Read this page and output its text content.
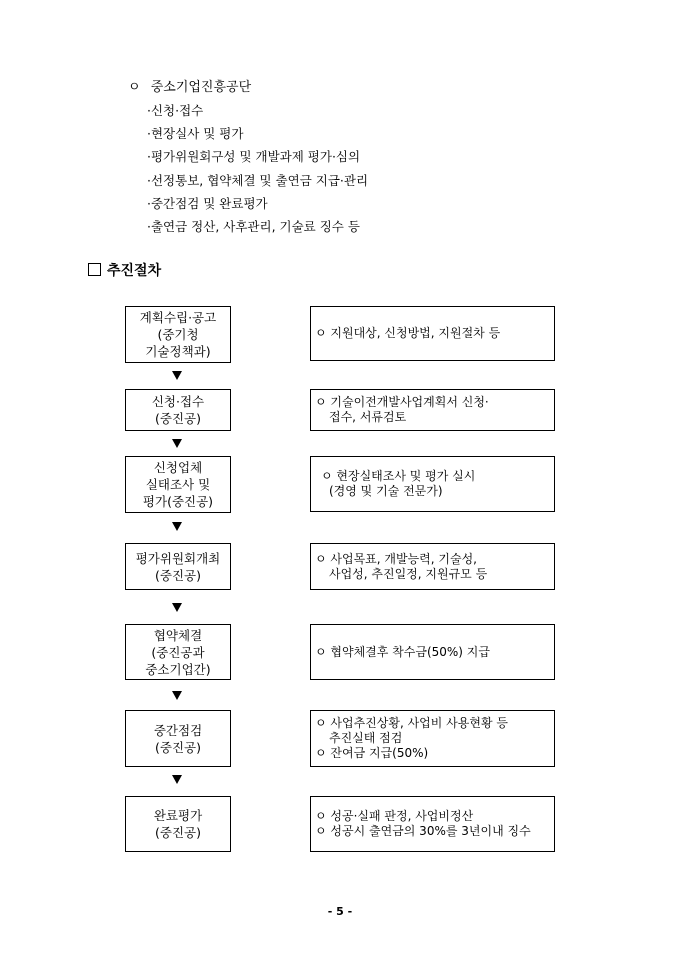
ㅇ 중소기업진흥공단
·신청·접수
·현장실사 및 평가
·평가위원회구성 및 개발과제 평가·심의
·선정통보, 협약체결 및 출연금 지급·관리
·중간점검 및 완료평가
·출연금 정산, 사후관리, 기술료 징수 등
추진절차
계획수립·공고
(중기청
기술정책과)
ㅇ 지원대상, 신청방법, 지원절차 등
신청·접수
(중진공)
ㅇ 기술이전개발사업계획서 신청·
접수, 서류검토
신청업체
실태조사 및
평가(중진공)
ㅇ 현장실태조사 및 평가 실시
(경영 및 기술 전문가)
평가위원회개최
(중진공)
ㅇ 사업목표, 개발능력, 기술성,
사업성, 추진일정, 지원규모 등
협약체결
(중진공과
중소기업간)
ㅇ 협약체결후 착수금(50%) 지급
중간점검
(중진공)
ㅇ 사업추진상황, 사업비 사용현황 등
추진실태 점검
ㅇ 잔여금 지급(50%)
완료평가
(중진공)
ㅇ 성공·실패 판정, 사업비정산
ㅇ 성공시 출연금의 30%를 3년이내 징수
- 5 -
